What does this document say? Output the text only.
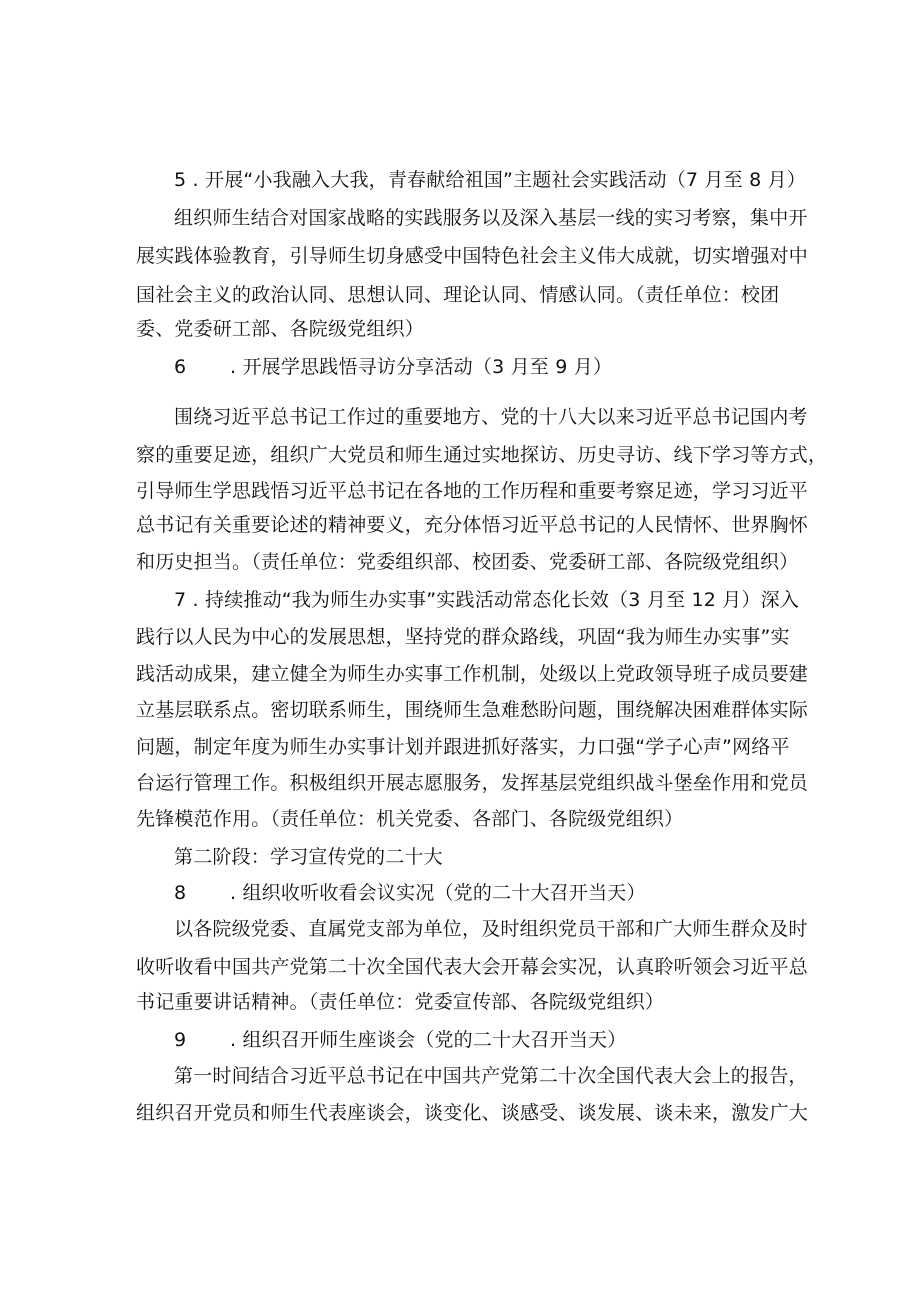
5 . 开展“小我融入大我，青春献给祖国”主题社会实践活动（7 月至 8 月）
组织师生结合对国家战略的实践服务以及深入基层一线的实习考察，集中开
展实践体验教育，引导师生切身感受中国特色社会主义伟大成就，切实增强对中
国社会主义的政治认同、思想认同、理论认同、情感认同。（责任单位：校团
委、党委研工部、各院级党组织）
6 . 开展学思践悟寻访分享活动（3 月至 9 月）
围绕习近平总书记工作过的重要地方、党的十八大以来习近平总书记国内考
察的重要足迹，组织广大党员和师生通过实地探访、历史寻访、线下学习等方式，
引导师生学思践悟习近平总书记在各地的工作历程和重要考察足迹，学习习近平
总书记有关重要论述的精神要义，充分体悟习近平总书记的人民情怀、世界胸怀
和历史担当。（责任单位：党委组织部、校团委、党委研工部、各院级党组织）
7 . 持续推动“我为师生办实事”实践活动常态化长效（3 月至 12 月）深入
践行以人民为中心的发展思想，坚持党的群众路线，巩固“我为师生办实事”实
践活动成果，建立健全为师生办实事工作机制，处级以上党政领导班子成员要建
立基层联系点。密切联系师生，围绕师生急难愁盼问题，围绕解决困难群体实际
问题，制定年度为师生办实事计划并跟进抓好落实，力口强“学子心声”网络平
台运行管理工作。积极组织开展志愿服务，发挥基层党组织战斗堡垒作用和党员
先锋模范作用。（责任单位：机关党委、各部门、各院级党组织）
第二阶段：学习宣传党的二十大
8 . 组织收听收看会议实况（党的二十大召开当天）
以各院级党委、直属党支部为单位，及时组织党员干部和广大师生群众及时
收听收看中国共产党第二十次全国代表大会开幕会实况，认真聆听领会习近平总
书记重要讲话精神。（责任单位：党委宣传部、各院级党组织）
9 . 组织召开师生座谈会（党的二十大召开当天）
第一时间结合习近平总书记在中国共产党第二十次全国代表大会上的报告，
组织召开党员和师生代表座谈会，谈变化、谈感受、谈发展、谈未来，激发广大
